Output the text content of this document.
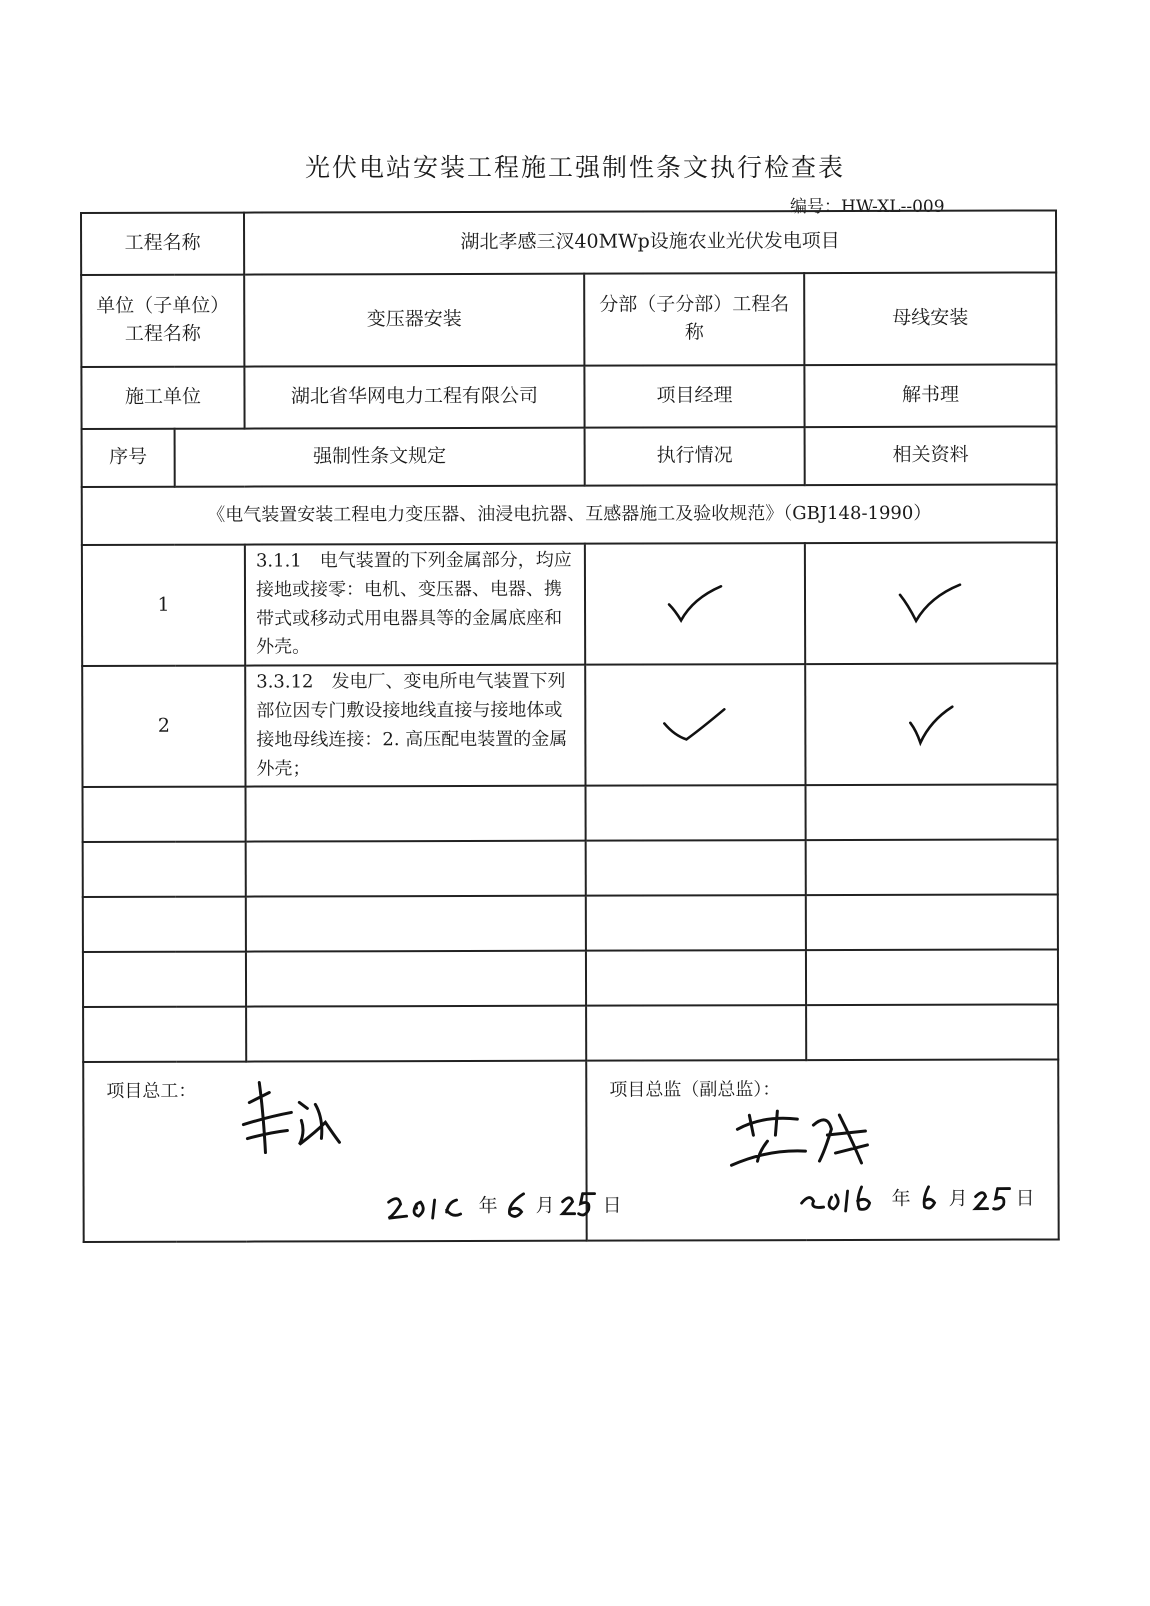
光伏电站安装工程施工强制性条文执行检查表
编号：HW-XL--009
工程名称		湖北孝感三汊40MWp设施农业光伏发电项目		
单位（子单位）工程名称		变压器安装	分部（子分部）工程名称	母线安装
施工单位		湖北省华网电力工程有限公司	项目经理	解书理
序号	强制性条文规定		执行情况	相关资料
《电气装置安装工程电力变压器、油浸电抗器、互感器施工及验收规范》（GBJ148-1990）				
1		3.1.1　电气装置的下列金属部分，均应接地或接零：电机、变压器、电器、携带式或移动式用电器具等的金属底座和外壳。	

2		3.3.12　发电厂、变电所电气装置下列部位因专门敷设接地线直接与接地体或接地母线连接：2. 高压配电装置的金属外壳；	

项目总工：
年 月 日			项目总监（副总监）：
年 月 日	
